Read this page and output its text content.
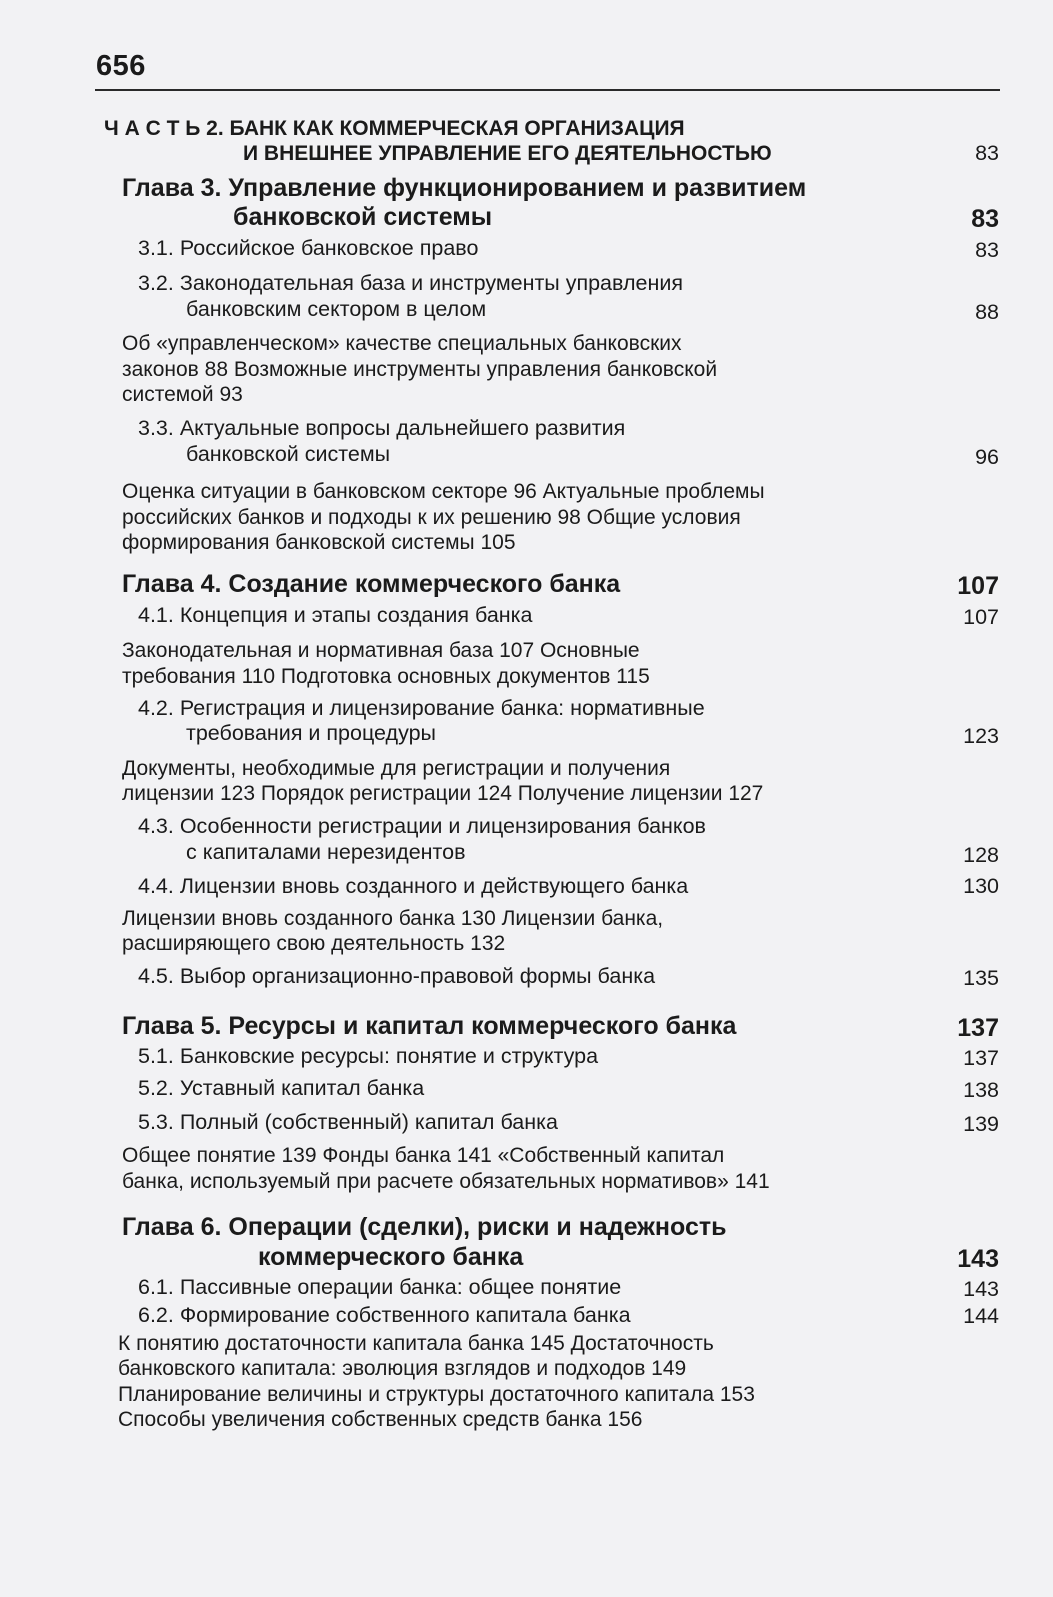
656
Ч А С Т Ь 2. БАНК КАК КОММЕРЧЕСКАЯ ОРГАНИЗАЦИЯ
И ВНЕШНЕЕ УПРАВЛЕНИЕ ЕГО ДЕЯТЕЛЬНОСТЬЮ	83
Глава 3. Управление функционированием и развитием
банковской системы	83
3.1. Российское банковское право	83
3.2. Законодательная база и инструменты управления
банковским сектором в целом	88
Об «управленческом» качестве специальных банковских
законов 88 Возможные инструменты управления банковской
системой 93
3.3. Актуальные вопросы дальнейшего развития
банковской системы	96
Оценка ситуации в банковском секторе 96 Актуальные проблемы
российских банков и подходы к их решению 98 Общие условия
формирования банковской системы 105
Глава 4. Создание коммерческого банка	107
4.1. Концепция и этапы создания банка	107
Законодательная и нормативная база 107 Основные
требования 110 Подготовка основных документов 115
4.2. Регистрация и лицензирование банка: нормативные
требования и процедуры	123
Документы, необходимые для регистрации и получения
лицензии 123 Порядок регистрации 124 Получение лицензии 127
4.3. Особенности регистрации и лицензирования банков
с капиталами нерезидентов	128
4.4. Лицензии вновь созданного и действующего банка	130
Лицензии вновь созданного банка 130 Лицензии банка,
расширяющего свою деятельность 132
4.5. Выбор организационно-правовой формы банка	135
Глава 5. Ресурсы и капитал коммерческого банка	137
5.1. Банковские ресурсы: понятие и структура	137
5.2. Уставный капитал банка	138
5.3. Полный (собственный) капитал банка	139
Общее понятие 139 Фонды банка 141 «Собственный капитал
банка, используемый при расчете обязательных нормативов» 141
Глава 6. Операции (сделки), риски и надежность
коммерческого банка	143
6.1. Пассивные операции банка: общее понятие	143
6.2. Формирование собственного капитала банка	144
К понятию достаточности капитала банка 145 Достаточность
банковского капитала: эволюция взглядов и подходов 149
Планирование величины и структуры достаточного капитала 153
Способы увеличения собственных средств банка 156
